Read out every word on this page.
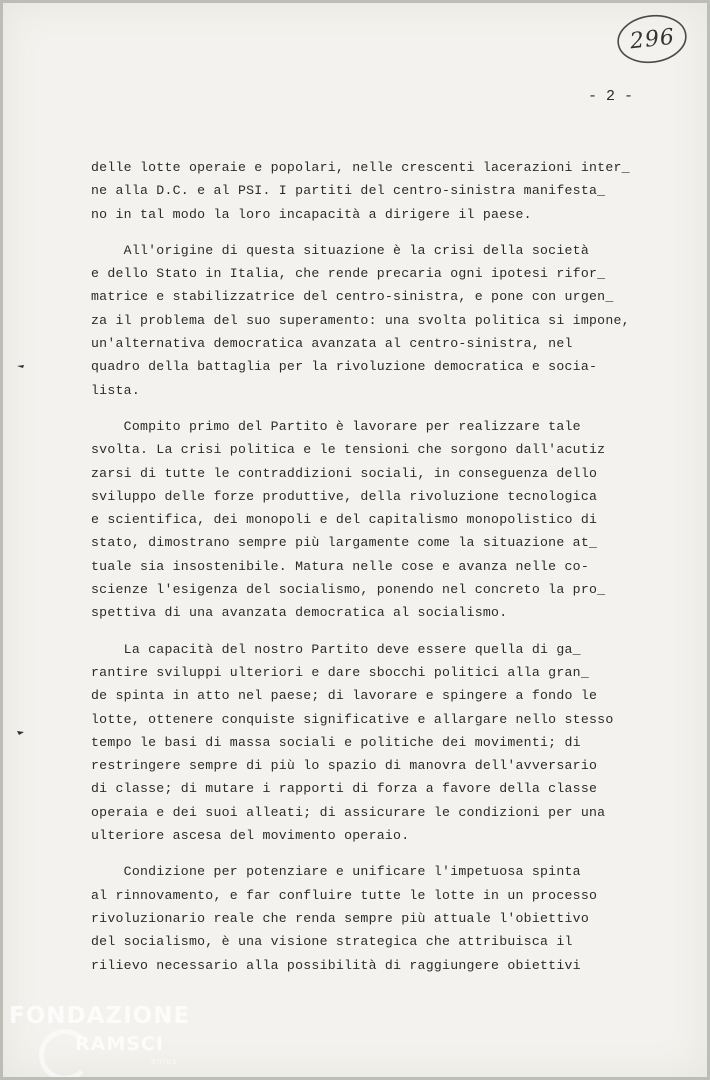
296
- 2 -
delle lotte operaie e popolari, nelle crescenti lacerazioni inter_
ne alla D.C. e al PSI. I partiti del centro-sinistra manifesta_
no in tal modo la loro incapacità a dirigere il paese.
All'origine di questa situazione è la crisi della società
e dello Stato in Italia, che rende precaria ogni ipotesi rifor_
matrice e stabilizzatrice del centro-sinistra, e pone con urgen_
za il problema del suo superamento: una svolta politica si impone,
un'alternativa democratica avanzata al centro-sinistra, nel
quadro della battaglia per la rivoluzione democratica e socia-
lista.
Compito primo del Partito è lavorare per realizzare tale
svolta. La crisi politica e le tensioni che sorgono dall'acutiz
zarsi di tutte le contraddizioni sociali, in conseguenza dello
sviluppo delle forze produttive, della rivoluzione tecnologica
e scientifica, dei monopoli e del capitalismo monopolistico di
stato, dimostrano sempre più largamente come la situazione at_
tuale sia insostenibile. Matura nelle cose e avanza nelle co-
scienze l'esigenza del socialismo, ponendo nel concreto la pro_
spettiva di una avanzata democratica al socialismo.
La capacità del nostro Partito deve essere quella di ga_
rantire sviluppi ulteriori e dare sbocchi politici alla gran_
de spinta in atto nel paese; di lavorare e spingere a fondo le
lotte, ottenere conquiste significative e allargare nello stesso
tempo le basi di massa sociali e politiche dei movimenti; di
restringere sempre di più lo spazio di manovra dell'avversario
di classe; di mutare i rapporti di forza a favore della classe
operaia e dei suoi alleati; di assicurare le condizioni per una
ulteriore ascesa del movimento operaio.
Condizione per potenziare e unificare l'impetuosa spinta
al rinnovamento, e far confluire tutte le lotte in un processo
rivoluzionario reale che renda sempre più attuale l'obiettivo
del socialismo, è una visione strategica che attribuisca il
rilievo necessario alla possibilità di raggiungere obiettivi
FONDAZIONE
RAMSCI
onlus
